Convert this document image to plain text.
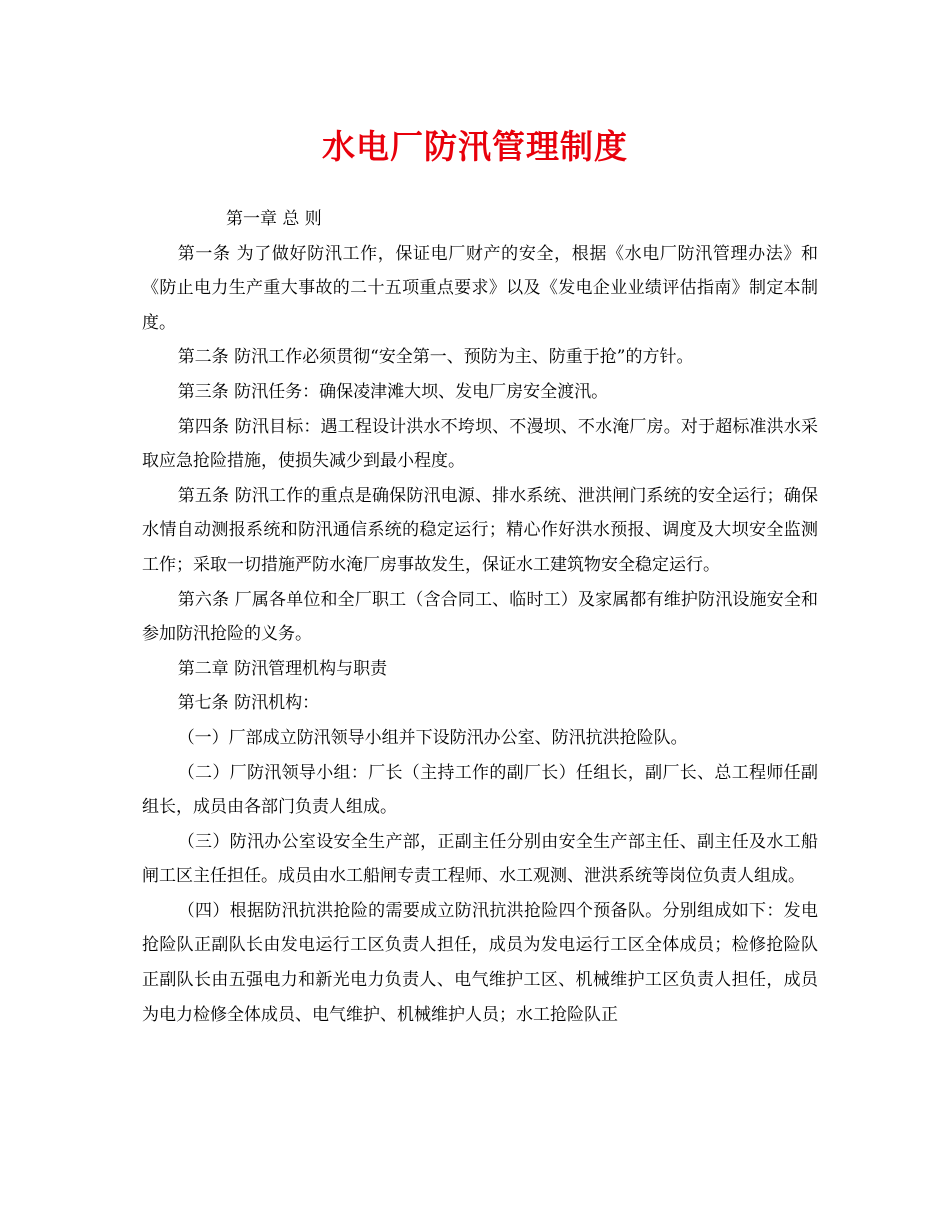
水电厂防汛管理制度

第一章 总 则

第一条 为了做好防汛工作，保证电厂财产的安全，根据《水电厂防汛管理办法》和《防止电力生产重大事故的二十五项重点要求》以及《发电企业业绩评估指南》制定本制度。

第二条 防汛工作必须贯彻“安全第一、预防为主、防重于抢”的方针。

第三条 防汛任务：确保凌津滩大坝、发电厂房安全渡汛。

第四条 防汛目标：遇工程设计洪水不垮坝、不漫坝、不水淹厂房。对于超标准洪水采取应急抢险措施，使损失减少到最小程度。

第五条 防汛工作的重点是确保防汛电源、排水系统、泄洪闸门系统的安全运行；确保水情自动测报系统和防汛通信系统的稳定运行；精心作好洪水预报、调度及大坝安全监测工作；采取一切措施严防水淹厂房事故发生，保证水工建筑物安全稳定运行。

第六条 厂属各单位和全厂职工（含合同工、临时工）及家属都有维护防汛设施安全和参加防汛抢险的义务。

第二章 防汛管理机构与职责

第七条 防汛机构：

（一）厂部成立防汛领导小组并下设防汛办公室、防汛抗洪抢险队。

（二）厂防汛领导小组：厂长（主持工作的副厂长）任组长，副厂长、总工程师任副组长，成员由各部门负责人组成。

（三）防汛办公室设安全生产部，正副主任分别由安全生产部主任、副主任及水工船闸工区主任担任。成员由水工船闸专责工程师、水工观测、泄洪系统等岗位负责人组成。

（四）根据防汛抗洪抢险的需要成立防汛抗洪抢险四个预备队。分别组成如下：发电抢险队正副队长由发电运行工区负责人担任，成员为发电运行工区全体成员；检修抢险队正副队长由五强电力和新光电力负责人、电气维护工区、机械维护工区负责人担任，成员为电力检修全体成员、电气维护、机械维护人员；水工抢险队正
